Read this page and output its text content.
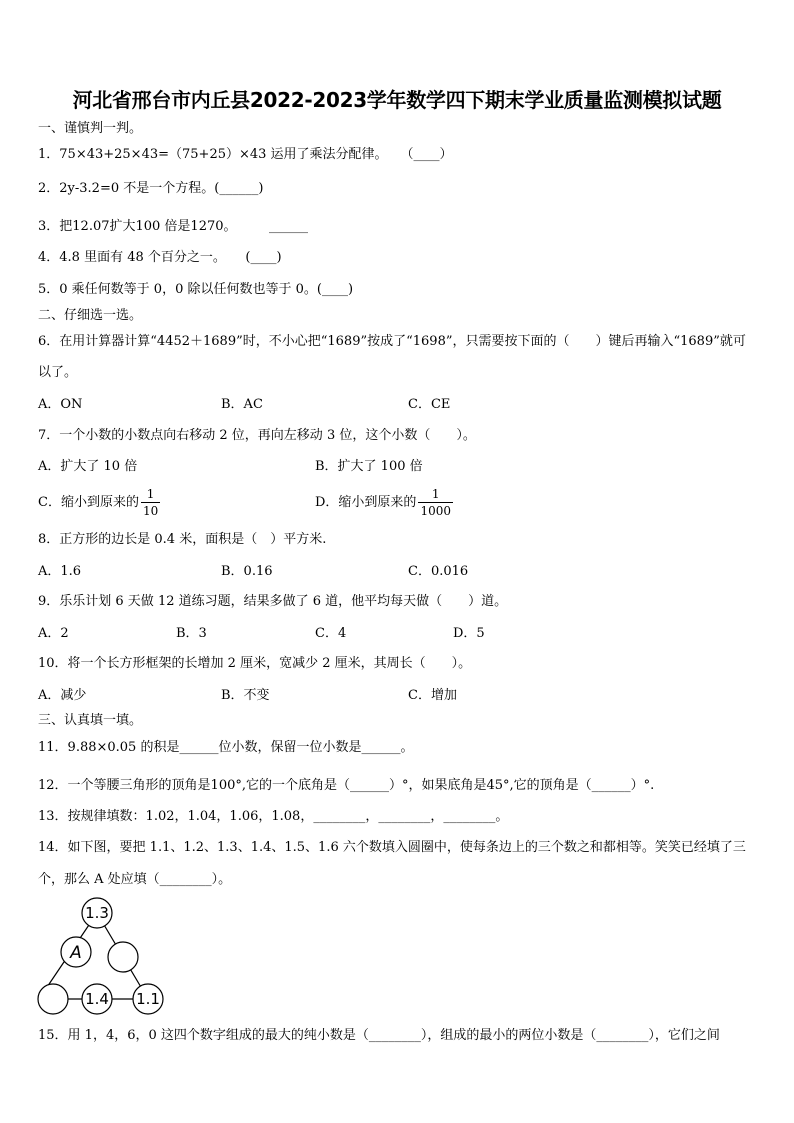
河北省邢台市内丘县2022-2023学年数学四下期末学业质量监测模拟试题
一、谨慎判一判。
1．75×43+25×43=（75+25）×43 运用了乘法分配律。　　（____）
2．2y-3.2=0 不是一个方程。(______)
3．把12.07扩大100 倍是1270。　　　______
4．4.8 里面有 48 个百分之一。　　(____)
5．0 乘任何数等于 0，0 除以任何数也等于 0。(____)
二、仔细选一选。
6．在用计算器计算“4452＋1689”时，不小心把“1689”按成了“1698”，只需要按下面的（　　）键后再输入“1689”就可
以了。
A．ON	B．AC	C．CE
7．一个小数的小数点向右移动 2 位，再向左移动 3 位，这个小数（　　）。
A．扩大了 10 倍	B．扩大了 100 倍
C．缩小到原来的 $\frac{1}{10}$	D．缩小到原来的 $\frac{1}{1000}$
8．正方形的边长是 0.4 米，面积是（　）平方米.
A．1.6	B．0.16	C．0.016
9．乐乐计划 6 天做 12 道练习题，结果多做了 6 道，他平均每天做（　　）道。
A．2	B．3	C．4	D．5
10．将一个长方形框架的长增加 2 厘米，宽减少 2 厘米，其周长（　　）。
A．减少	B．不变	C．增加
三、认真填一填。
11．9.88×0.05 的积是______位小数，保留一位小数是______。
12．一个等腰三角形的顶角是100°,它的一个底角是（______）°，如果底角是45°,它的顶角是（______）°.
13．按规律填数：1.02，1.04，1.06，1.08，________，________，________。
14．如下图，要把 1.1、1.2、1.3、1.4、1.5、1.6 六个数填入圆圈中，使每条边上的三个数之和都相等。笑笑已经填了三
个，那么 A 处应填（________）。
1.3
A
1.4 1.1
15．用 1，4，6，0 这四个数字组成的最大的纯小数是（________），组成的最小的两位小数是（________），它们之间
